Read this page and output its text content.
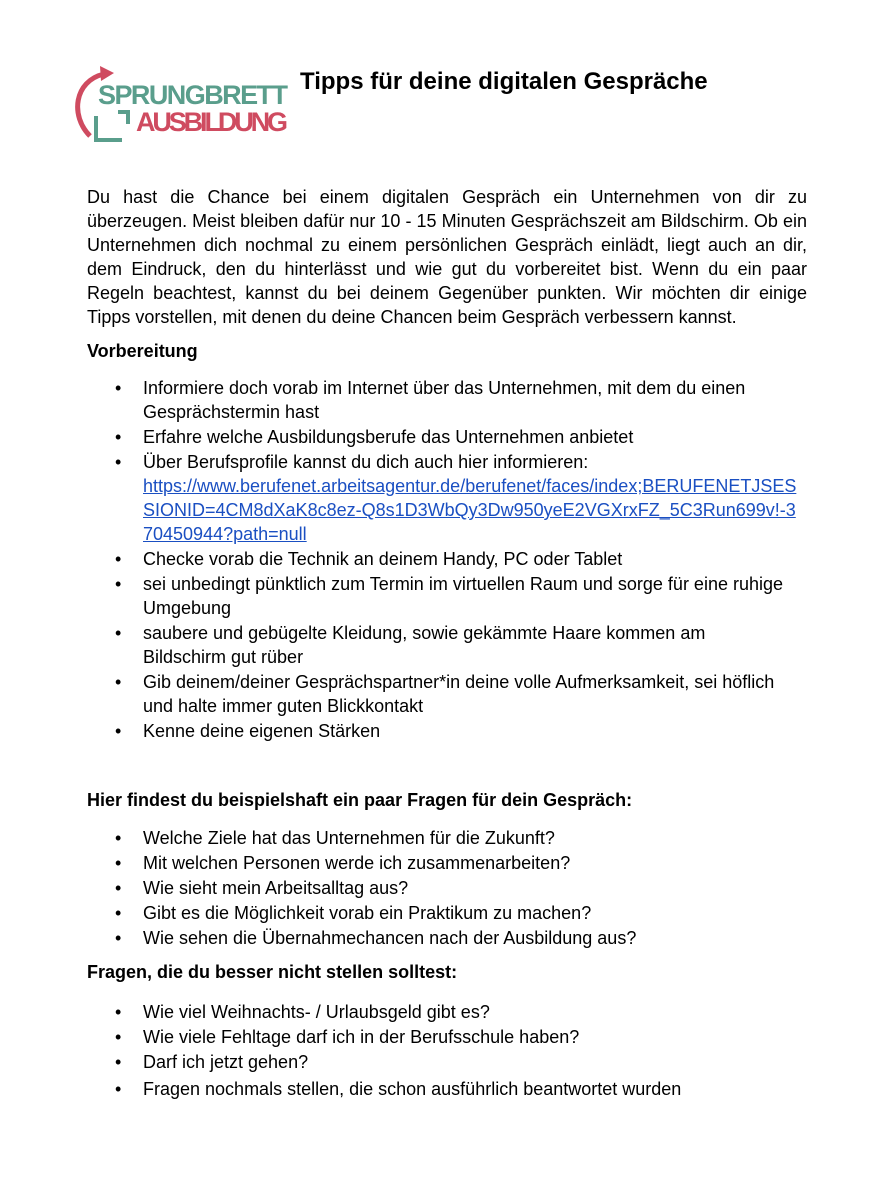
SPRUNGBRETT
AUSBILDUNG
Tipps für deine digitalen Gespräche

Du hast die Chance bei einem digitalen Gespräch ein Unternehmen von dir zu überzeugen. Meist bleiben dafür nur 10 - 15 Minuten Gesprächszeit am Bildschirm. Ob ein Unternehmen dich nochmal zu einem persönlichen Gespräch einlädt, liegt auch an dir, dem Eindruck, den du hinterlässt und wie gut du vorbereitet bist. Wenn du ein paar Regeln beachtest, kannst du bei deinem Gegenüber punkten. Wir möchten dir einige Tipps vorstellen, mit denen du deine Chancen beim Gespräch verbessern kannst.

Vorbereitung
• Informiere doch vorab im Internet über das Unternehmen, mit dem du einen Gesprächstermin hast
• Erfahre welche Ausbildungsberufe das Unternehmen anbietet
• Über Berufsprofile kannst du dich auch hier informieren:

https://www.berufenet.arbeitsagentur.de/berufenet/faces/index;BERUFENETJSESSIONID=4CM8dXaK8c8ez-Q8s1D3WbQy3Dw950yeE2VGXrxFZ_5C3Run699v!-370450944?path=null
• Checke vorab die Technik an deinem Handy, PC oder Tablet
• sei unbedingt pünktlich zum Termin im virtuellen Raum und sorge für eine ruhige Umgebung
• saubere und gebügelte Kleidung, sowie gekämmte Haare kommen am Bildschirm gut rüber
• Gib deinem/deiner Gesprächspartner*in deine volle Aufmerksamkeit, sei höflich und halte immer guten Blickkontakt
• Kenne deine eigenen Stärken
Hier findest du beispielshaft ein paar Fragen für dein Gespräch:
• Welche Ziele hat das Unternehmen für die Zukunft?
• Mit welchen Personen werde ich zusammenarbeiten?
• Wie sieht mein Arbeitsalltag aus?
• Gibt es die Möglichkeit vorab ein Praktikum zu machen?
• Wie sehen die Übernahmechancen nach der Ausbildung aus?
Fragen, die du besser nicht stellen solltest:
• Wie viel Weihnachts- / Urlaubsgeld gibt es?
• Wie viele Fehltage darf ich in der Berufsschule haben?
• Darf ich jetzt gehen?
• Fragen nochmals stellen, die schon ausführlich beantwortet wurden
